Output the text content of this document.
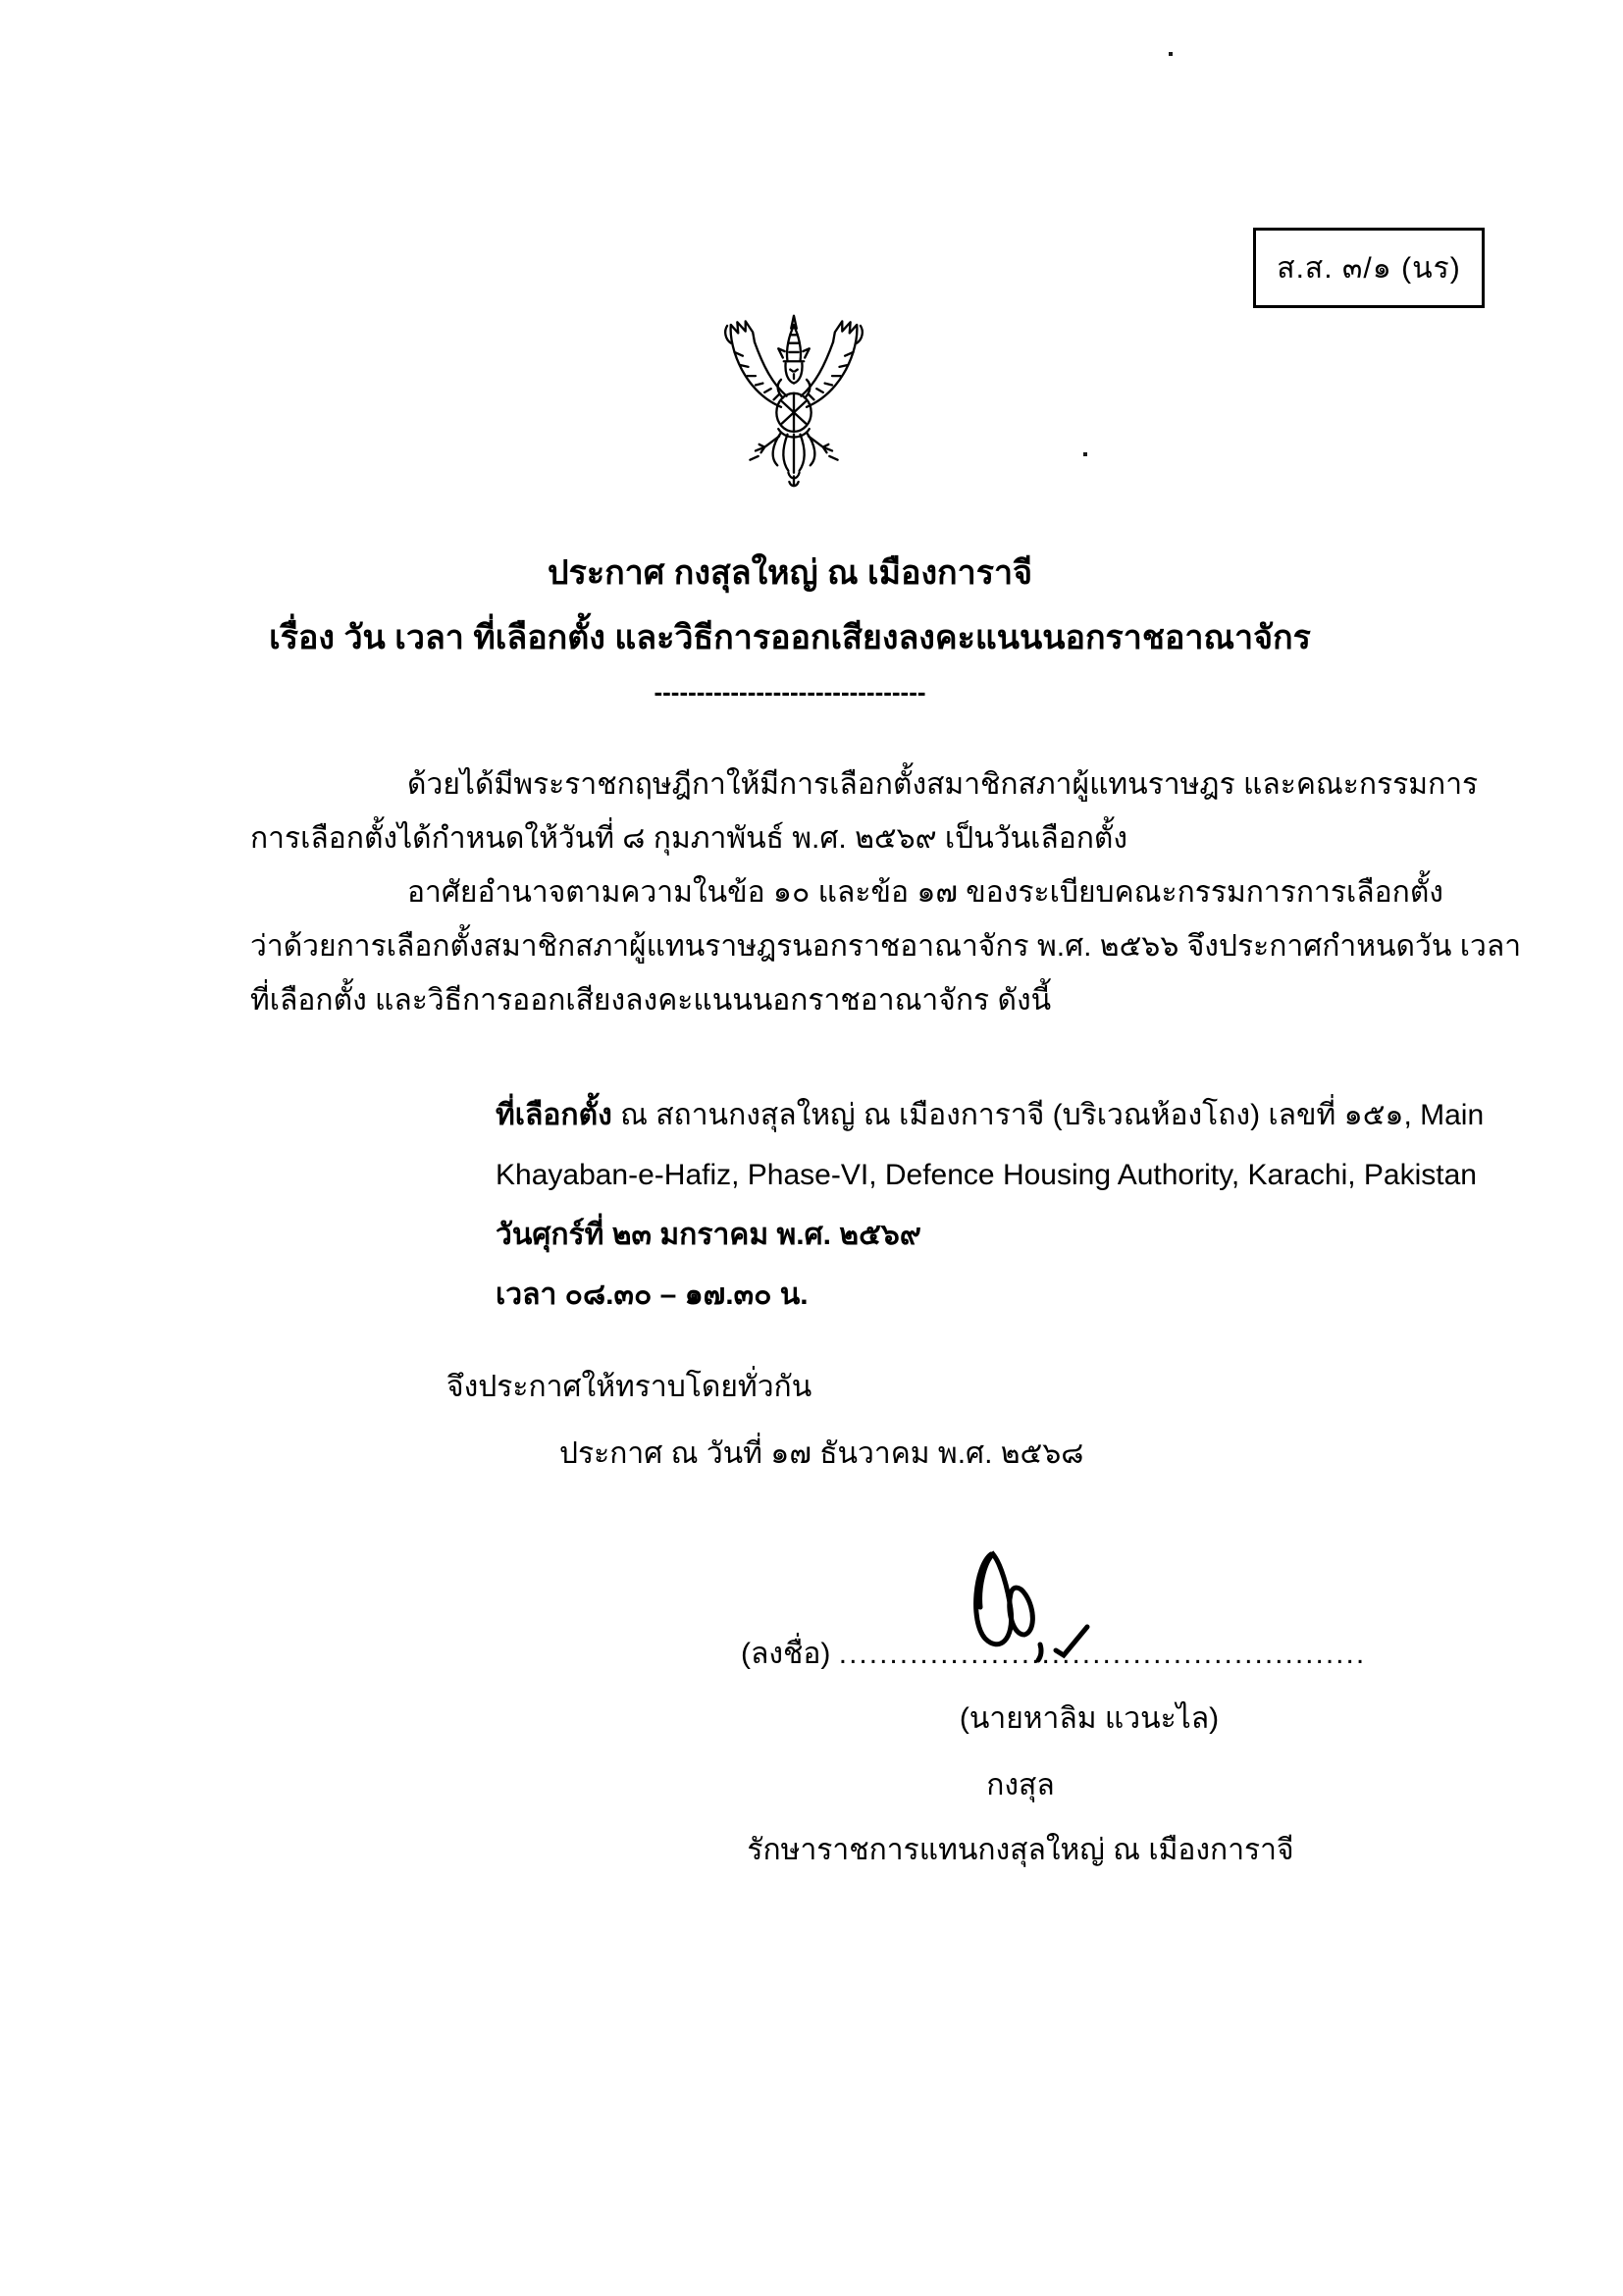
ส.ส. ๓/๑ (นร)
ประกาศ กงสุลใหญ่ ณ เมืองการาจี
เรื่อง วัน เวลา ที่เลือกตั้ง และวิธีการออกเสียงลงคะแนนนอกราชอาณาจักร
--------------------------------
ด้วยได้มีพระราชกฤษฎีกาให้มีการเลือกตั้งสมาชิกสภาผู้แทนราษฎร และคณะกรรมการ
การเลือกตั้งได้กำหนดให้วันที่ ๘ กุมภาพันธ์ พ.ศ. ๒๕๖๙ เป็นวันเลือกตั้ง
อาศัยอำนาจตามความในข้อ ๑๐ และข้อ ๑๗ ของระเบียบคณะกรรมการการเลือกตั้ง
ว่าด้วยการเลือกตั้งสมาชิกสภาผู้แทนราษฎรนอกราชอาณาจักร พ.ศ. ๒๕๖๖ จึงประกาศกำหนดวัน เวลา
ที่เลือกตั้ง และวิธีการออกเสียงลงคะแนนนอกราชอาณาจักร ดังนี้
ที่เลือกตั้ง ณ สถานกงสุลใหญ่ ณ เมืองการาจี (บริเวณห้องโถง) เลขที่ ๑๕๑, Main
Khayaban-e-Hafiz, Phase-VI, Defence Housing Authority, Karachi, Pakistan
วันศุกร์ที่ ๒๓ มกราคม พ.ศ. ๒๕๖๙
เวลา ๐๘.๓๐ – ๑๗.๓๐ น.
จึงประกาศให้ทราบโดยทั่วกัน
ประกาศ ณ วันที่ ๑๗ ธันวาคม พ.ศ. ๒๕๖๘
(ลงชื่อ) ....................................................
(นายหาลิม แวนะไล)
กงสุล
รักษาราชการแทนกงสุลใหญ่ ณ เมืองการาจี
